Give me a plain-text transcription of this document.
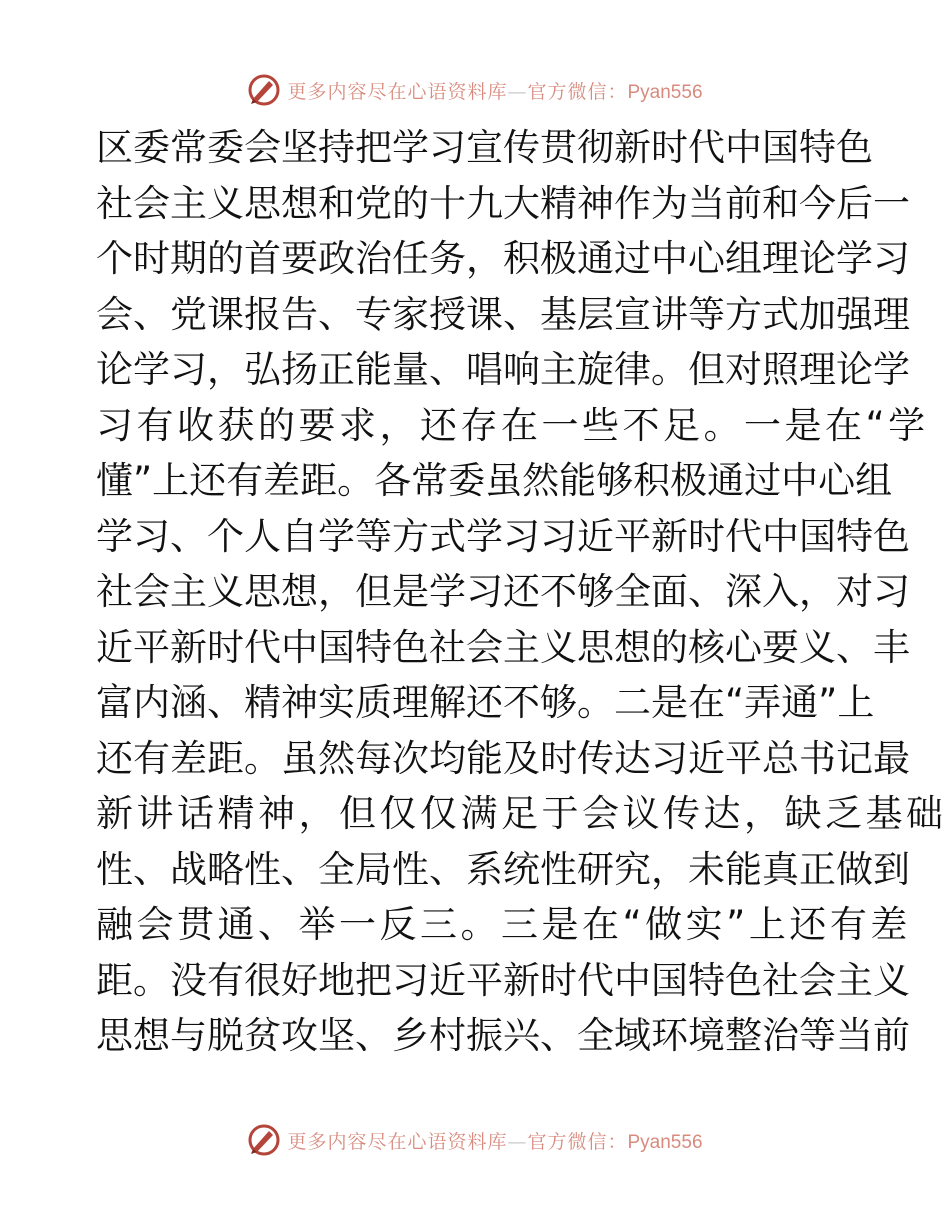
更多内容尽在心语资料库—官方微信：Pyan556
区委常委会坚持把学习宣传贯彻新时代中国特色
社会主义思想和党的十九大精神作为当前和今后一
个时期的首要政治任务，积极通过中心组理论学习
会、党课报告、专家授课、基层宣讲等方式加强理
论学习，弘扬正能量、唱响主旋律。但对照理论学
习有收获的要求，还存在一些不足。一是在“学
懂”上还有差距。各常委虽然能够积极通过中心组
学习、个人自学等方式学习习近平新时代中国特色
社会主义思想，但是学习还不够全面、深入，对习
近平新时代中国特色社会主义思想的核心要义、丰
富内涵、精神实质理解还不够。二是在“弄通”上
还有差距。虽然每次均能及时传达习近平总书记最
新讲话精神，但仅仅满足于会议传达，缺乏基础
性、战略性、全局性、系统性研究，未能真正做到
融会贯通、举一反三。三是在“做实”上还有差
距。没有很好地把习近平新时代中国特色社会主义
思想与脱贫攻坚、乡村振兴、全域环境整治等当前
更多内容尽在心语资料库—官方微信：Pyan556
